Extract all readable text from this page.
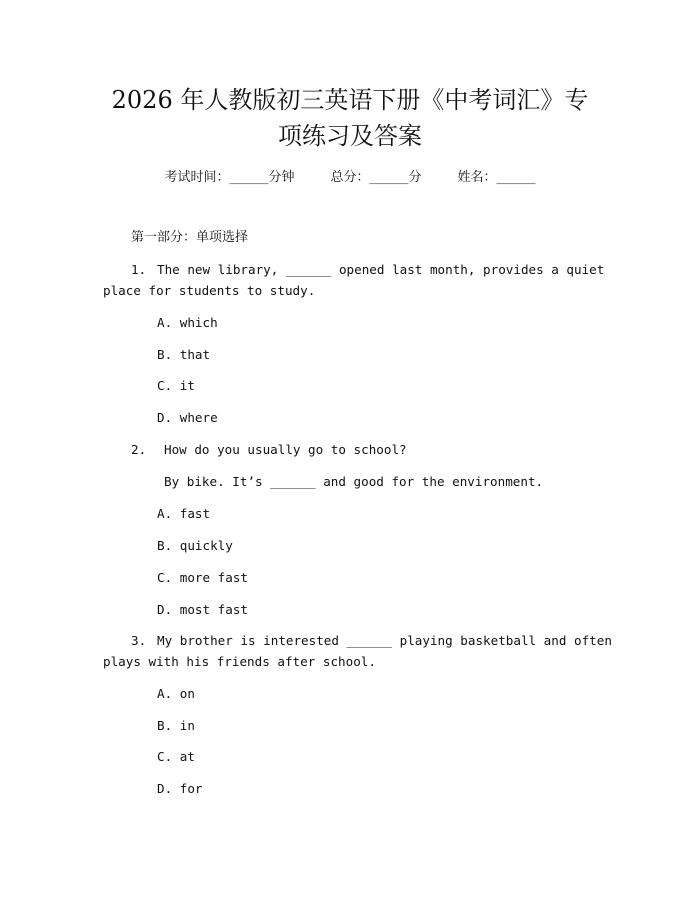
2026 年人教版初三英语下册《中考词汇》专
项练习及答案
考试时间：______分钟	总分：______分	姓名：______
第一部分：单项选择
1. The new library, ______ opened last month, provides a quiet
place for students to study.
A. which
B. that
C. it
D. where
2. How do you usually go to school?
By bike. It’s ______ and good for the environment.
A. fast
B. quickly
C. more fast
D. most fast
3. My brother is interested ______ playing basketball and often
plays with his friends after school.
A. on
B. in
C. at
D. for
